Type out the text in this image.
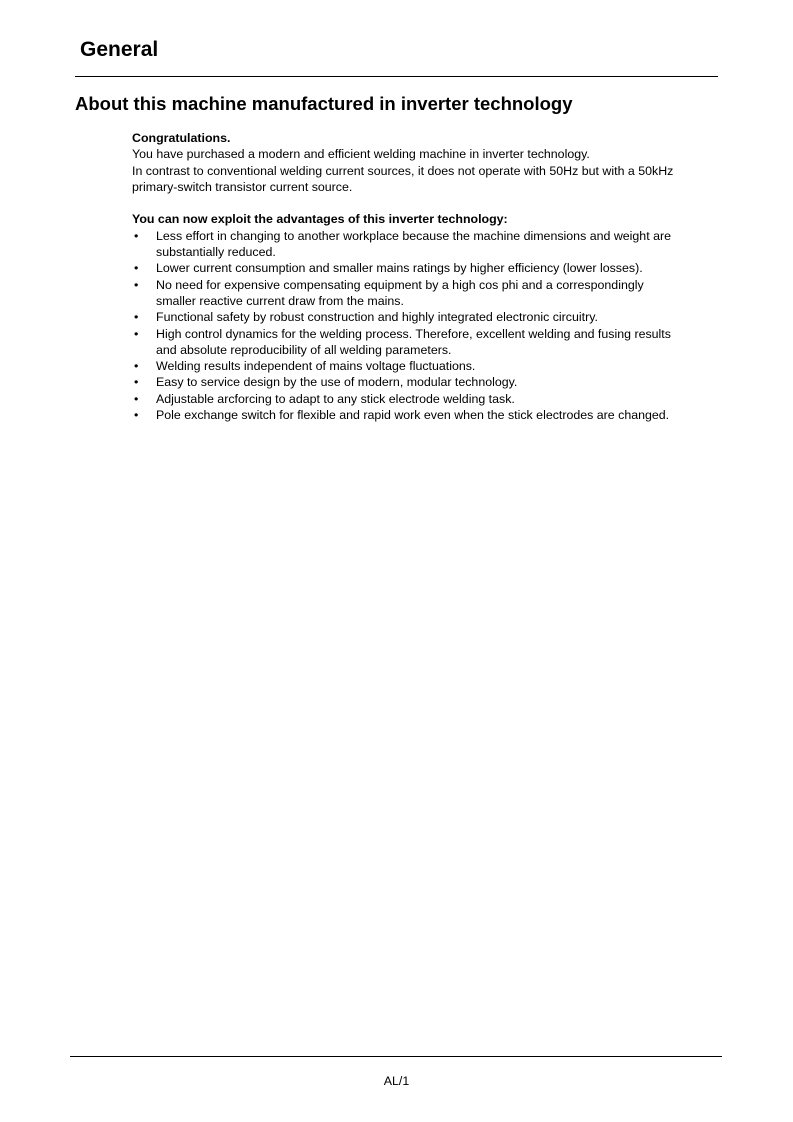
General
About this machine manufactured in inverter technology

Congratulations.

You have purchased a modern and efficient welding machine in inverter technology.

In contrast to conventional welding current sources, it does not operate with 50Hz but with a 50kHz

primary-switch transistor current source.

You can now exploit the advantages of this inverter technology:

• Less effort in changing to another workplace because the machine dimensions and weight are
substantially reduced.
• Lower current consumption and smaller mains ratings by higher efficiency (lower losses).
• No need for expensive compensating equipment by a high cos phi and a correspondingly
smaller reactive current draw from the mains.
• Functional safety by robust construction and highly integrated electronic circuitry.
• High control dynamics for the welding process. Therefore, excellent welding and fusing results
and absolute reproducibility of all welding parameters.
• Welding results independent of mains voltage fluctuations.
• Easy to service design by the use of modern, modular technology.
• Adjustable arcforcing to adapt to any stick electrode welding task.
• Pole exchange switch for flexible and rapid work even when the stick electrodes are changed.
AL/1
